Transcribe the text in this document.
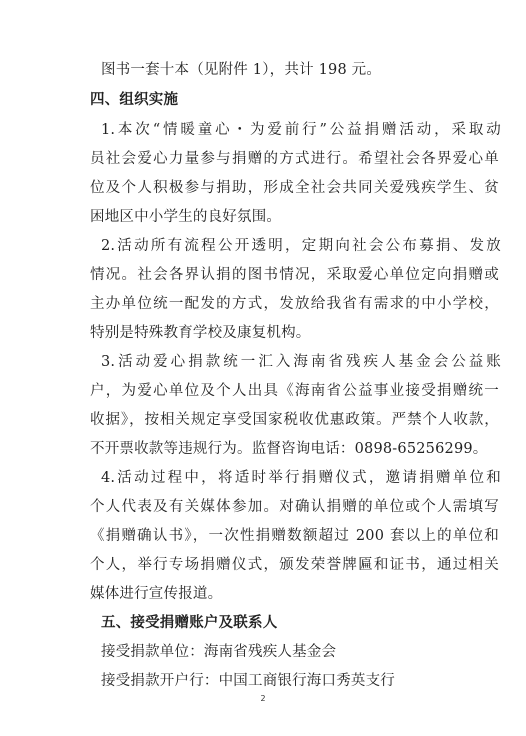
图书一套十本（见附件 1），共计 198 元。
四、组织实施
1.本次“情暖童心・为爱前行”公益捐赠活动，采取动
员社会爱心力量参与捐赠的方式进行。希望社会各界爱心单
位及个人积极参与捐助，形成全社会共同关爱残疾学生、贫
困地区中小学生的良好氛围。
2.活动所有流程公开透明，定期向社会公布募捐、发放
情况。社会各界认捐的图书情况，采取爱心单位定向捐赠或
主办单位统一配发的方式，发放给我省有需求的中小学校，
特别是特殊教育学校及康复机构。
3.活动爱心捐款统一汇入海南省残疾人基金会公益账
户，为爱心单位及个人出具《海南省公益事业接受捐赠统一
收据》，按相关规定享受国家税收优惠政策。严禁个人收款，
不开票收款等违规行为。监督咨询电话：0898-65256299。
4.活动过程中，将适时举行捐赠仪式，邀请捐赠单位和
个人代表及有关媒体参加。对确认捐赠的单位或个人需填写
《捐赠确认书》，一次性捐赠数额超过 200 套以上的单位和
个人，举行专场捐赠仪式，颁发荣誉牌匾和证书，通过相关
媒体进行宣传报道。
五、接受捐赠账户及联系人
接受捐款单位：海南省残疾人基金会
接受捐款开户行：中国工商银行海口秀英支行
2
